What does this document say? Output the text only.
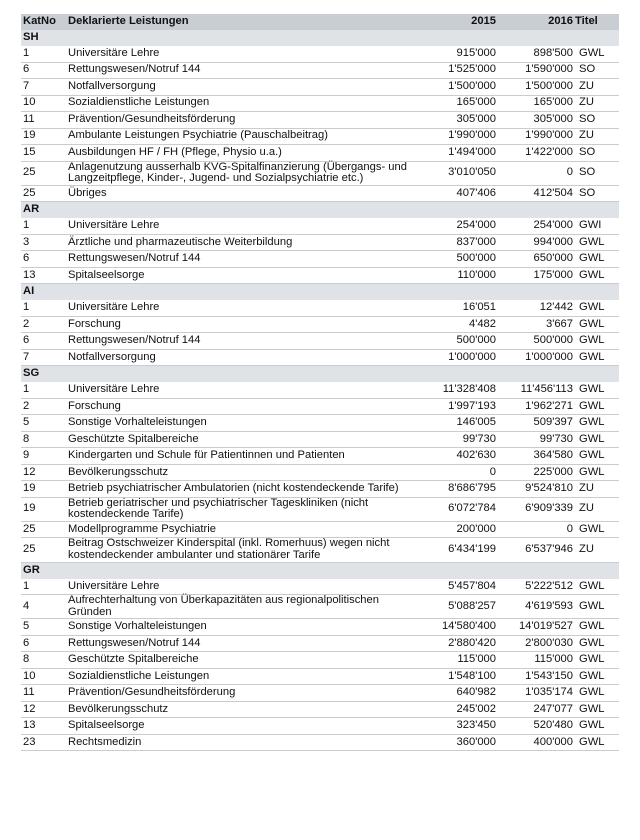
KatNo	Deklarierte Leistungen	2015	2016	Titel
SH				
1	Universitäre Lehre	915'000	898'500	GWL
6	Rettungswesen/Notruf 144	1'525'000	1'590'000	SO
7	Notfallversorgung	1'500'000	1'500'000	ZU
10	Sozialdienstliche Leistungen	165'000	165'000	ZU
11	Prävention/Gesundheitsförderung	305'000	305'000	SO
19	Ambulante Leistungen Psychiatrie (Pauschalbeitrag)	1'990'000	1'990'000	ZU
15	Ausbildungen HF / FH (Pflege, Physio u.a.)	1'494'000	1'422'000	SO
25	Anlagenutzung ausserhalb KVG-Spitalfinanzierung (Übergangs- und Langzeitpflege, Kinder-, Jugend- und Sozialpsychiatrie etc.)	3'010'050	0	SO
25	Übriges	407'406	412'504	SO
AR				
1	Universitäre Lehre	254'000	254'000	GWI
3	Ärztliche und pharmazeutische Weiterbildung	837'000	994'000	GWL
6	Rettungswesen/Notruf 144	500'000	650'000	GWL
13	Spitalseelsorge	110'000	175'000	GWL
AI				
1	Universitäre Lehre	16'051	12'442	GWL
2	Forschung	4'482	3'667	GWL
6	Rettungswesen/Notruf 144	500'000	500'000	GWL
7	Notfallversorgung	1'000'000	1'000'000	GWL
SG				
1	Universitäre Lehre	11'328'408	11'456'113	GWL
2	Forschung	1'997'193	1'962'271	GWL
5	Sonstige Vorhalteleistungen	146'005	509'397	GWL
8	Geschützte Spitalbereiche	99'730	99'730	GWL
9	Kindergarten und Schule für Patientinnen und Patienten	402'630	364'580	GWL
12	Bevölkerungsschutz	0	225'000	GWL
19	Betrieb psychiatrischer Ambulatorien (nicht kostendeckende Tarife)	8'686'795	9'524'810	ZU
19	Betrieb geriatrischer und psychiatrischer Tageskliniken (nicht kostendeckende Tarife)	6'072'784	6'909'339	ZU
25	Modellprogramme Psychiatrie	200'000	0	GWL
25	Beitrag Ostschweizer Kinderspital (inkl. Romerhuus) wegen nicht kostendeckender ambulanter und stationärer Tarife	6'434'199	6'537'946	ZU
GR				
1	Universitäre Lehre	5'457'804	5'222'512	GWL
4	Aufrechterhaltung von Überkapazitäten aus regionalpolitischen Gründen	5'088'257	4'619'593	GWL
5	Sonstige Vorhalteleistungen	14'580'400	14'019'527	GWL
6	Rettungswesen/Notruf 144	2'880'420	2'800'030	GWL
8	Geschützte Spitalbereiche	115'000	115'000	GWL
10	Sozialdienstliche Leistungen	1'548'100	1'543'150	GWL
11	Prävention/Gesundheitsförderung	640'982	1'035'174	GWL
12	Bevölkerungsschutz	245'002	247'077	GWL
13	Spitalseelsorge	323'450	520'480	GWL
23	Rechtsmedizin	360'000	400'000	GWL
